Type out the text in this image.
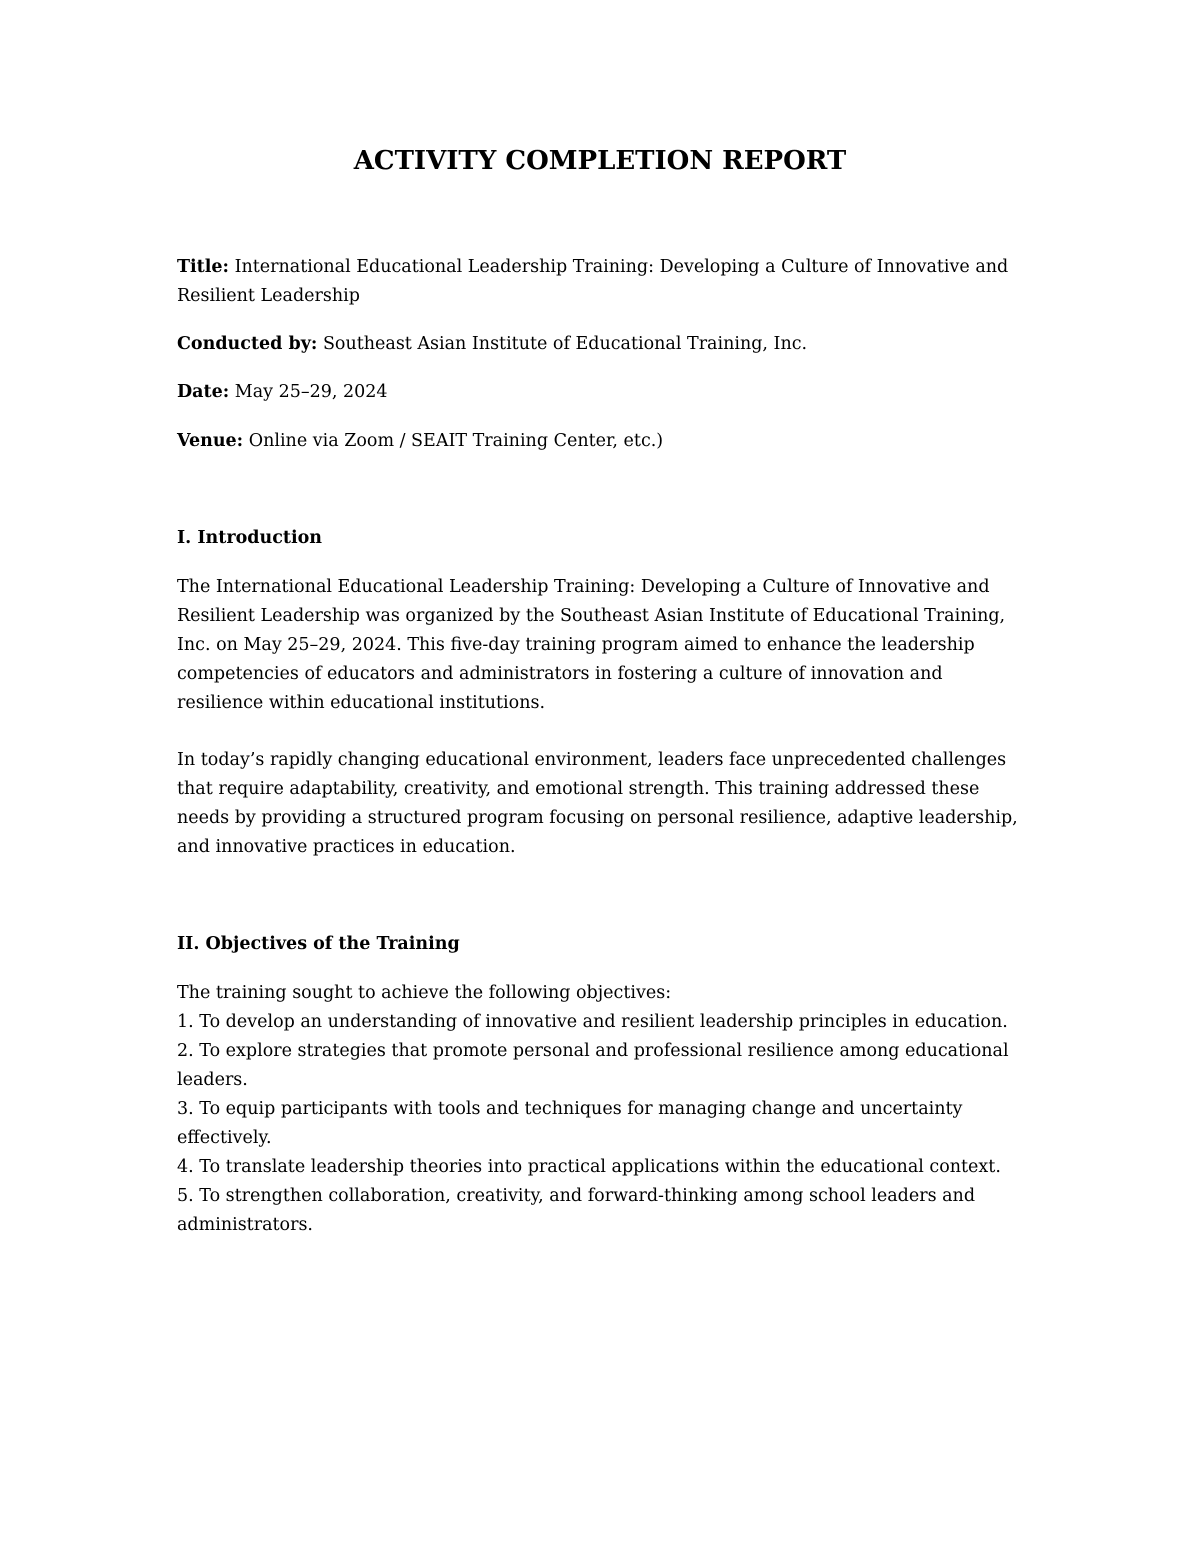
ACTIVITY COMPLETION REPORT

Title: International Educational Leadership Training: Developing a Culture of Innovative and Resilient Leadership

Conducted by: Southeast Asian Institute of Educational Training, Inc.

Date: May 25–29, 2024

Venue: Online via Zoom / SEAIT Training Center, etc.)

I. Introduction

The International Educational Leadership Training: Developing a Culture of Innovative and Resilient Leadership was organized by the Southeast Asian Institute of Educational Training, Inc. on May 25–29, 2024. This five-day training program aimed to enhance the leadership competencies of educators and administrators in fostering a culture of innovation and resilience within educational institutions.

In today’s rapidly changing educational environment, leaders face unprecedented challenges that require adaptability, creativity, and emotional strength. This training addressed these needs by providing a structured program focusing on personal resilience, adaptive leadership, and innovative practices in education.

II. Objectives of the Training
The training sought to achieve the following objectives:
1. To develop an understanding of innovative and resilient leadership principles in education.
2. To explore strategies that promote personal and professional resilience among educational leaders.
3. To equip participants with tools and techniques for managing change and uncertainty effectively.
4. To translate leadership theories into practical applications within the educational context.
5. To strengthen collaboration, creativity, and forward-thinking among school leaders and administrators.
